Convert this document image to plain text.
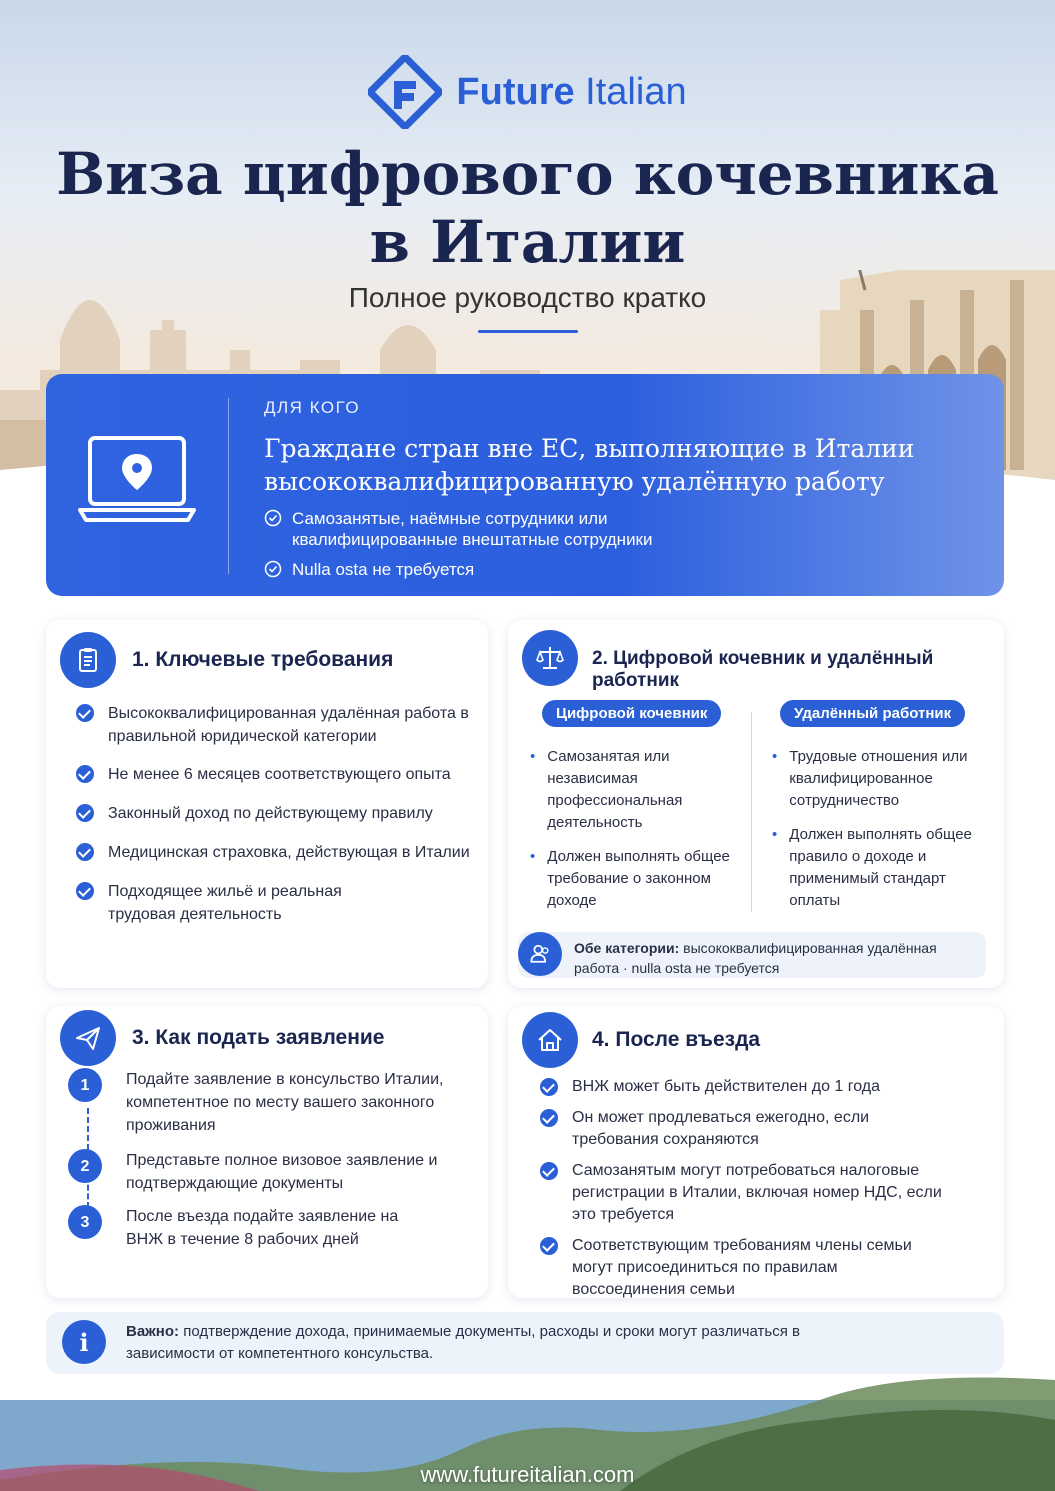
Future Italian
Виза цифрового кочевника
в Италии
Полное руководство кратко
ДЛЯ КОГО
Граждане стран вне ЕС, выполняющие в Италии высококвалифицированную удалённую работу
Самозанятые, наёмные сотрудники или квалифицированные внештатные сотрудники
Nulla osta не требуется
1. Ключевые требования
Высококвалифицированная удалённая работа в правильной юридической категории
Не менее 6 месяцев соответствующего опыта
Законный доход по действующему правилу
Медицинская страховка, действующая в Италии
Подходящее жильё и реальная трудовая деятельность
2. Цифровой кочевник и удалённый работник
Цифровой кочевник	Удалённый работник
• Самозанятая или независимая профессиональная деятельность
• Должен выполнять общее требование о законном доходе
• Трудовые отношения или квалифицированное сотрудничество
• Должен выполнять общее правило о доходе и применимый стандарт оплаты
Обе категории: высококвалифицированная удалённая работа · nulla osta не требуется
3. Как подать заявление
1	Подайте заявление в консульство Италии, компетентное по месту вашего законного проживания
2	Представьте полное визовое заявление и подтверждающие документы
3	После въезда подайте заявление на ВНЖ в течение 8 рабочих дней
4. После въезда
ВНЖ может быть действителен до 1 года
Он может продлеваться ежегодно, если требования сохраняются
Самозанятым могут потребоваться налоговые регистрации в Италии, включая номер НДС, если это требуется
Соответствующим требованиям члены семьи могут присоединиться по правилам воссоединения семьи
i	Важно: подтверждение дохода, принимаемые документы, расходы и сроки могут различаться в зависимости от компетентного консульства.
www.futureitalian.com
